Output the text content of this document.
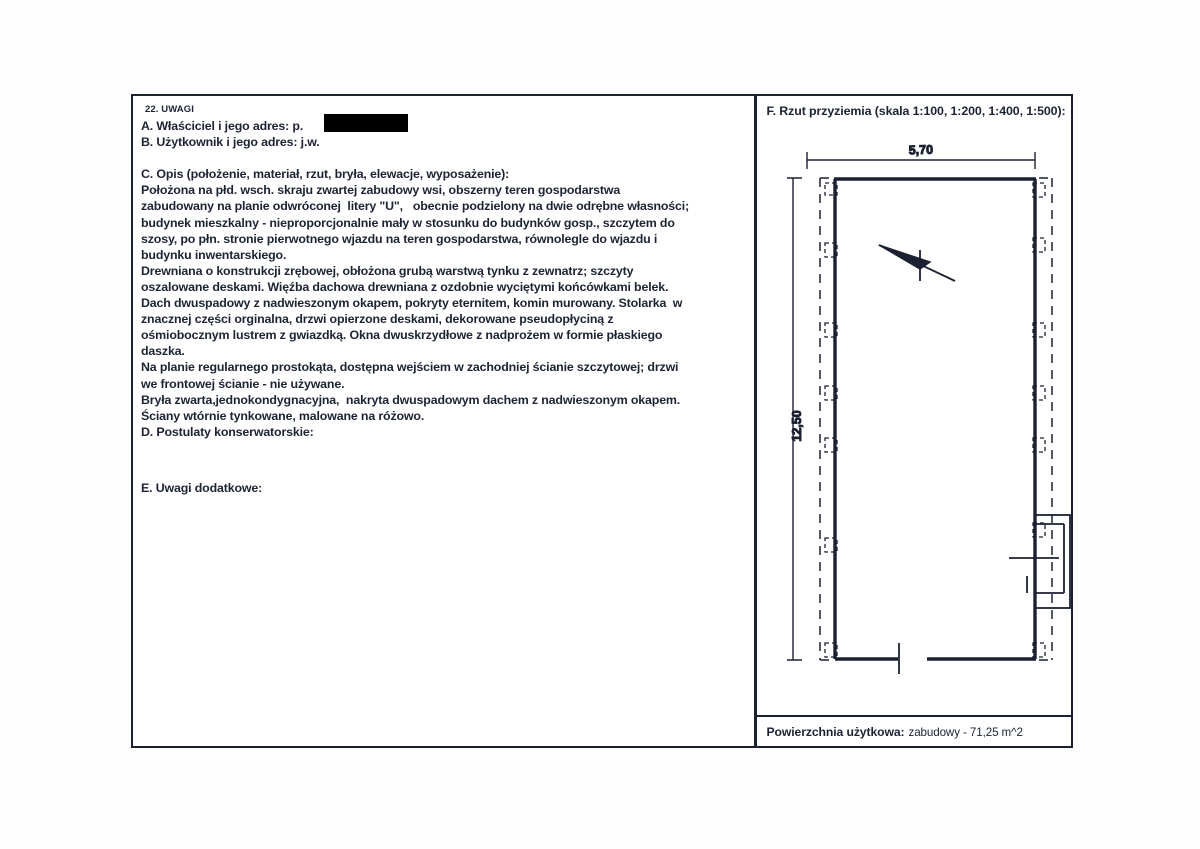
22. UWAGI
A. Właściciel i jego adres: p.
B. Użytkownik i jego adres: j.w.
C. Opis (położenie, materiał, rzut, bryła, elewacje, wyposażenie):
Położona na płd. wsch. skraju zwartej zabudowy wsi, obszerny teren gospodarstwa
zabudowany na planie odwróconej  litery "U",   obecnie podzielony na dwie odrębne własności;
budynek mieszkalny - nieproporcjonalnie mały w stosunku do budynków gosp., szczytem do
szosy, po płn. stronie pierwotnego wjazdu na teren gospodarstwa, równolegle do wjazdu i
budynku inwentarskiego.
Drewniana o konstrukcji zrębowej, obłożona grubą warstwą tynku z zewnatrz; szczyty
oszalowane deskami. Więźba dachowa drewniana z ozdobnie wyciętymi końcówkami belek.
Dach dwuspadowy z nadwieszonym okapem, pokryty eternitem, komin murowany. Stolarka  w
znacznej części orginalna, drzwi opierzone deskami, dekorowane pseudopłyciną z
ośmiobocznym lustrem z gwiazdką. Okna dwuskrzydłowe z nadprożem w formie płaskiego
daszka.
Na planie regularnego prostokąta, dostępna wejściem w zachodniej ścianie szczytowej; drzwi
we frontowej ścianie - nie używane.
Bryła zwarta,jednokondygnacyjna,  nakryta dwuspadowym dachem z nadwieszonym okapem.
Ściany wtórnie tynkowane, malowane na różowo.
D. Postulaty konserwatorskie:
E. Uwagi dodatkowe:
F. Rzut przyziemia (skala 1:100, 1:200, 1:400, 1:500):
5,70
12,50
Powierzchnia użytkowa: zabudowy - 71,25 m^2
